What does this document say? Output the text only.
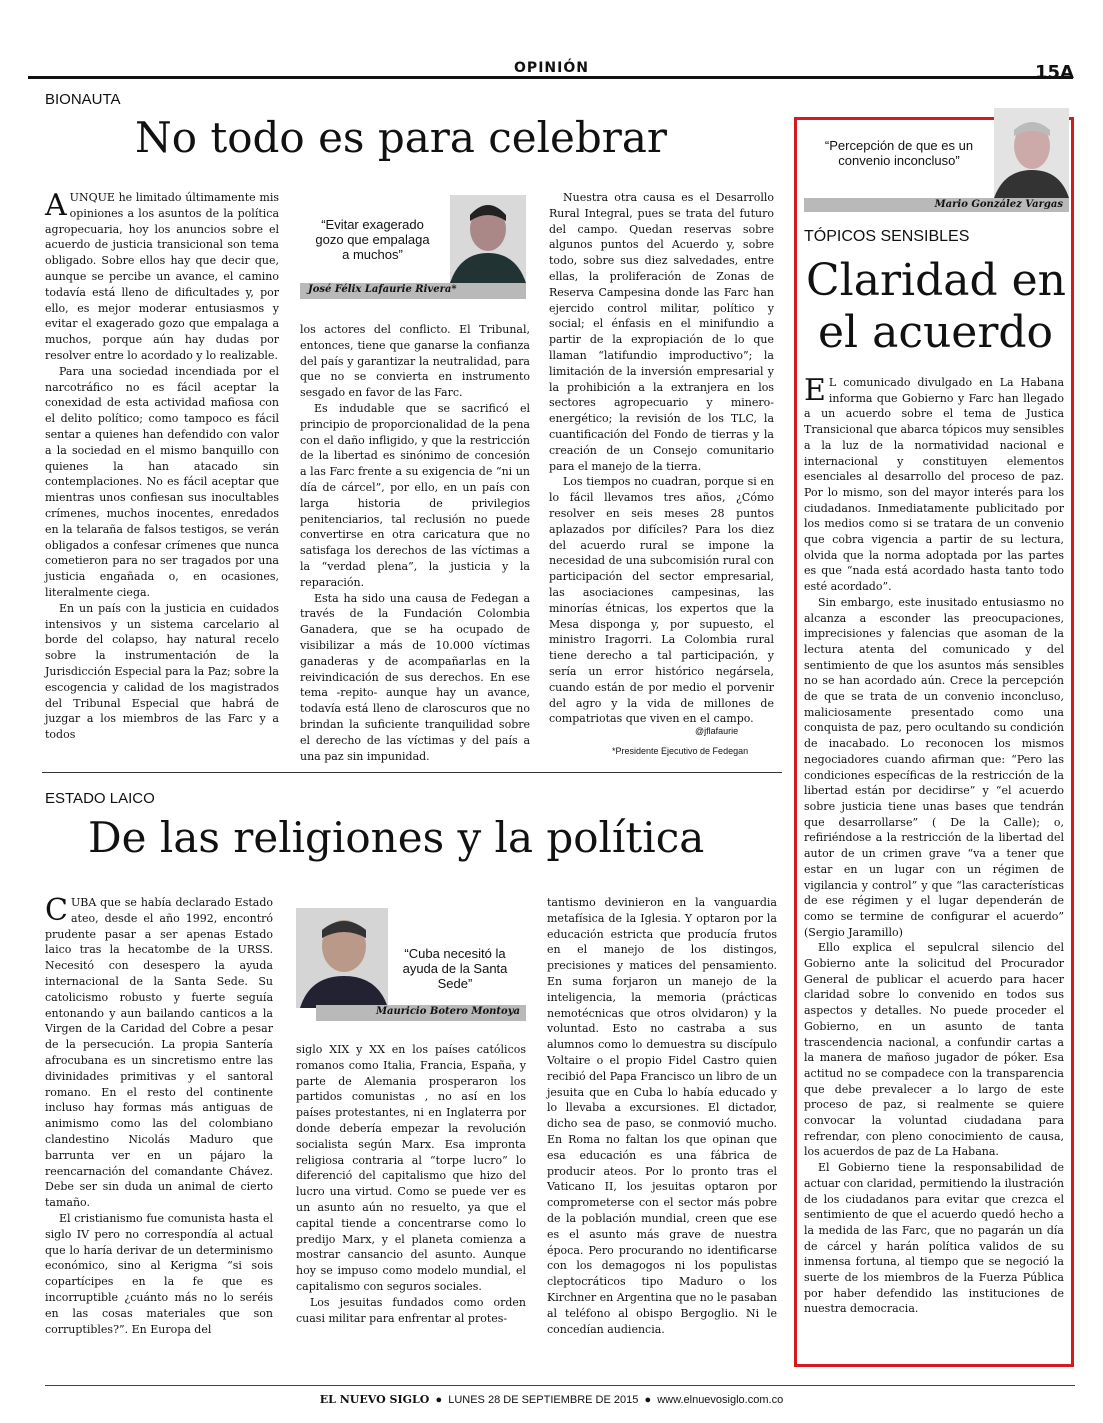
OPINIÓN	15A
BIONAUTA
No todo es para celebrar

AUNQUE he limitado últimamente mis opiniones a los asuntos de la política agropecuaria, hoy los anuncios sobre el acuerdo de justicia transicional son tema obligado. Sobre ellos hay que decir que, aunque se percibe un avance, el camino todavía está lleno de dificultades y, por ello, es mejor moderar entusiasmos y evitar el exagerado gozo que empalaga a muchos, porque aún hay dudas por resolver entre lo acordado y lo realizable.

Para una sociedad incendiada por el narcotráfico no es fácil aceptar la conexidad de esta actividad mafiosa con el delito político; como tampoco es fácil sentar a quienes han defendido con valor a la sociedad en el mismo banquillo con quienes la han atacado sin contemplaciones. No es fácil aceptar que mientras unos confiesan sus inocultables crímenes, muchos inocentes, enredados en la telaraña de falsos testigos, se verán obligados a confesar crímenes que nunca cometieron para no ser tragados por una justicia engañada o, en ocasiones, literalmente ciega.

En un país con la justicia en cuidados intensivos y un sistema carcelario al borde del colapso, hay natural recelo sobre la instrumentación de la Jurisdicción Especial para la Paz; sobre la escogencia y calidad de los magistrados del Tribunal Especial que habrá de juzgar a los miembros de las Farc y a todos

“Evitar exagerado gozo que empalaga a muchos”
José Félix Lafaurie Rivera*

los actores del conflicto. El Tribunal, entonces, tiene que ganarse la confianza del país y garantizar la neutralidad, para que no se convierta en instrumento sesgado en favor de las Farc.

Es indudable que se sacrificó el principio de proporcionalidad de la pena con el daño infligido, y que la restricción de la libertad es sinónimo de concesión a las Farc frente a su exigencia de “ni un día de cárcel”, por ello, en un país con larga historia de privilegios penitenciarios, tal reclusión no puede convertirse en otra caricatura que no satisfaga los derechos de las víctimas a la “verdad plena”, la justicia y la reparación.

Esta ha sido una causa de Fedegan a través de la Fundación Colombia Ganadera, que se ha ocupado de visibilizar a más de 10.000 víctimas ganaderas y de acompañarlas en la reivindicación de sus derechos. En ese tema -repito- aunque hay un avance, todavía está lleno de claroscuros que no brindan la suficiente tranquilidad sobre el derecho de las víctimas y del país a una paz sin impunidad.

Nuestra otra causa es el Desarrollo Rural Integral, pues se trata del futuro del campo. Quedan reservas sobre algunos puntos del Acuerdo y, sobre todo, sobre sus diez salvedades, entre ellas, la proliferación de Zonas de Reserva Campesina donde las Farc han ejercido control militar, político y social; el énfasis en el minifundio a partir de la expropiación de lo que llaman “latifundio improductivo”; la limitación de la inversión empresarial y la prohibición a la extranjera en los sectores agropecuario y minero-energético; la revisión de los TLC, la cuantificación del Fondo de tierras y la creación de un Consejo comunitario para el manejo de la tierra.

Los tiempos no cuadran, porque si en lo fácil llevamos tres años, ¿Cómo resolver en seis meses 28 puntos aplazados por difíciles? Para los diez del acuerdo rural se impone la necesidad de una subcomisión rural con participación del sector empresarial, las asociaciones campesinas, las minorías étnicas, los expertos que la Mesa disponga y, por supuesto, el ministro Iragorri. La Colombia rural tiene derecho a tal participación, y sería un error histórico negársela, cuando están de por medio el porvenir del agro y la vida de millones de compatriotas que viven en el campo.

@jflafaurie
*Presidente Ejecutivo de Fedegan
ESTADO LAICO
De las religiones y la política

CUBA que se había declarado Estado ateo, desde el año 1992, encontró prudente pasar a ser apenas Estado laico tras la hecatombe de la URSS. Necesitó con desespero la ayuda internacional de la Santa Sede. Su catolicismo robusto y fuerte seguía entonando y aun bailando canticos a la Virgen de la Caridad del Cobre a pesar de la persecución. La propia Santería afrocubana es un sincretismo entre las divinidades primitivas y el santoral romano. En el resto del continente incluso hay formas más antiguas de animismo como las del colombiano clandestino Nicolás Maduro que barrunta ver en un pájaro la reencarnación del comandante Chávez. Debe ser sin duda un animal de cierto tamaño.

El cristianismo fue comunista hasta el siglo IV pero no correspondía al actual que lo haría derivar de un determinismo económico, sino al Kerigma “si sois copartícipes en la fe que es incorruptible ¿cuánto más no lo seréis en las cosas materiales que son corruptibles?”. En Europa del

“Cuba necesitó la ayuda de la Santa Sede”
Mauricio Botero Montoya

siglo XIX y XX en los países católicos romanos como Italia, Francia, España, y parte de Alemania prosperaron los partidos comunistas , no así en los países protestantes, ni en Inglaterra por donde debería empezar la revolución socialista según Marx. Esa impronta religiosa contraria al “torpe lucro” lo diferenció del capitalismo que hizo del lucro una virtud. Como se puede ver es un asunto aún no resuelto, ya que el capital tiende a concentrarse como lo predijo Marx, y el planeta comienza a mostrar cansancio del asunto. Aunque hoy se impuso como modelo mundial, el capitalismo con seguros sociales.

Los jesuitas fundados como orden cuasi militar para enfrentar al protes-

tantismo devinieron en la vanguardia metafísica de la Iglesia. Y optaron por la educación estricta que producía frutos en el manejo de los distingos, precisiones y matices del pensamiento. En suma forjaron un manejo de la inteligencia, la memoria (prácticas nemotécnicas que otros olvidaron) y la voluntad. Esto no castraba a sus alumnos como lo demuestra su discípulo Voltaire o el propio Fidel Castro quien recibió del Papa Francisco un libro de un jesuita que en Cuba lo había educado y lo llevaba a excursiones. El dictador, dicho sea de paso, se conmovió mucho. En Roma no faltan los que opinan que esa educación es una fábrica de producir ateos. Por lo pronto tras el Vaticano II, los jesuitas optaron por comprometerse con el sector más pobre de la población mundial, creen que ese es el asunto más grave de nuestra época. Pero procurando no identificarse con los demagogos ni los populistas cleptocráticos tipo Maduro o los Kirchner en Argentina que no le pasaban al teléfono al obispo Bergoglio. Ni le concedían audiencia.

“Percepción de que es un convenio inconcluso”
Mario González Vargas
TÓPICOS SENSIBLES
Claridad en
el acuerdo

E L comunicado divulgado en La Habana informa que Gobierno y Farc han llegado a un acuerdo sobre el tema de Justica Transicional que abarca tópicos muy sensibles a la luz de la normatividad nacional e internacional y constituyen elementos esenciales al desarrollo del proceso de paz. Por lo mismo, son del mayor interés para los ciudadanos. Inmediatamente publicitado por los medios como si se tratara de un convenio que cobra vigencia a partir de su lectura, olvida que la norma adoptada por las partes es que “nada está acordado hasta tanto todo esté acordado”.

Sin embargo, este inusitado entusiasmo no alcanza a esconder las preocupaciones, imprecisiones y falencias que asoman de la lectura atenta del comunicado y del sentimiento de que los asuntos más sensibles no se han acordado aún. Crece la percepción de que se trata de un convenio inconcluso, maliciosamente presentado como una conquista de paz, pero ocultando su condición de inacabado. Lo reconocen los mismos negociadores cuando afirman que: “Pero las condiciones específicas de la restricción de la libertad están por decidirse” y “el acuerdo sobre justicia tiene unas bases que tendrán que desarrollarse” ( De la Calle); o, refiriéndose a la restricción de la libertad del autor de un crimen grave “va a tener que estar en un lugar con un régimen de vigilancia y control” y que “las características de ese régimen y el lugar dependerán de como se termine de configurar el acuerdo” (Sergio Jaramillo)

Ello explica el sepulcral silencio del Gobierno ante la solicitud del Procurador General de publicar el acuerdo para hacer claridad sobre lo convenido en todos sus aspectos y detalles. No puede proceder el Gobierno, en un asunto de tanta trascendencia nacional, a confundir cartas a la manera de mañoso jugador de póker. Esa actitud no se compadece con la transparencia que debe prevalecer a lo largo de este proceso de paz, si realmente se quiere convocar la voluntad ciudadana para refrendar, con pleno conocimiento de causa, los acuerdos de paz de La Habana.

El Gobierno tiene la responsabilidad de actuar con claridad, permitiendo la ilustración de los ciudadanos para evitar que crezca el sentimiento de que el acuerdo quedó hecho a la medida de las Farc, que no pagarán un día de cárcel y harán política validos de su inmensa fortuna, al tiempo que se negoció la suerte de los miembros de la Fuerza Pública por haber defendido las instituciones de nuestra democracia.

EL NUEVO SIGLO  ●  LUNES 28 DE SEPTIEMBRE DE 2015  ●  www.elnuevosiglo.com.co
